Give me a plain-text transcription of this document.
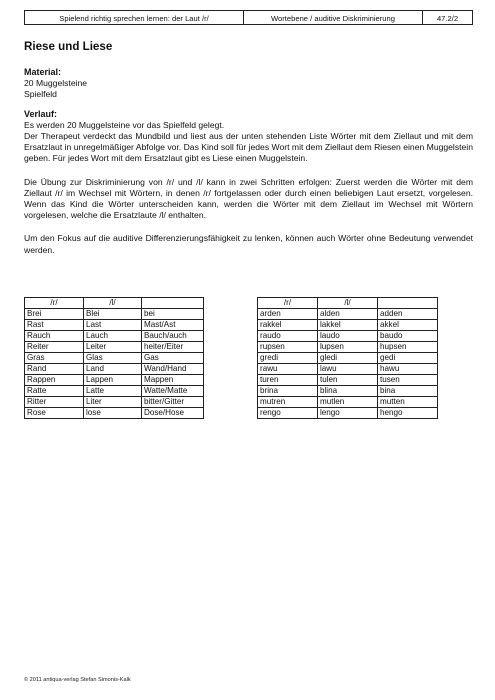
Spielend richtig sprechen lernen: der Laut /r/	Wortebene / auditive Diskriminierung	47.2/2
Riese und Liese
Material:
20 Muggelsteine
Spielfeld
Verlauf:

Es werden 20 Muggelsteine vor das Spielfeld gelegt.
Der Therapeut verdeckt das Mundbild und liest aus der unten stehenden Liste Wörter mit dem Ziellaut und mit dem Ersatzlaut in unregelmäßiger Abfolge vor. Das Kind soll für jedes Wort mit dem Ziellaut dem Riesen einen Muggelstein geben. Für jedes Wort mit dem Ersatzlaut gibt es Liese einen Muggelstein.

Die Übung zur Diskriminierung von /r/ und /l/ kann in zwei Schritten erfolgen: Zuerst werden die Wörter mit dem Ziellaut /r/ im Wechsel mit Wörtern, in denen /r/ fortgelassen oder durch einen beliebigen Laut ersetzt, vorgelesen. Wenn das Kind die Wörter unterscheiden kann, werden die Wörter mit dem Ziellaut im Wechsel mit Wörtern vorgelesen, welche die Ersatzlaute /l/ enthalten.

Um den Fokus auf die auditive Differenzierungsfähigkeit zu lenken, können auch Wörter ohne Bedeutung verwendet werden.

/r/	/l/	
Brei	Blei	bei
Rast	Last	Mast/Ast
Rauch	Lauch	Bauch/auch
Reiter	Leiter	heiter/Eiter
Gras	Glas	Gas
Rand	Land	Wand/Hand
Rappen	Lappen	Mappen
Ratte	Latte	Watte/Matte
Ritter	Liter	bitter/Gitter
Rose	lose	Dose/Hose
/r/	/l/	
arden	alden	adden
rakkel	lakkel	akkel
raudo	laudo	baudo
rupsen	lupsen	hupsen
gredi	gledi	gedi
rawu	lawu	hawu
turen	tulen	tusen
brina	blina	bina
mutren	mutlen	mutten
rengo	lengo	hengo
© 2011 antiqua-verlag Stefan Simonis-Kalk
